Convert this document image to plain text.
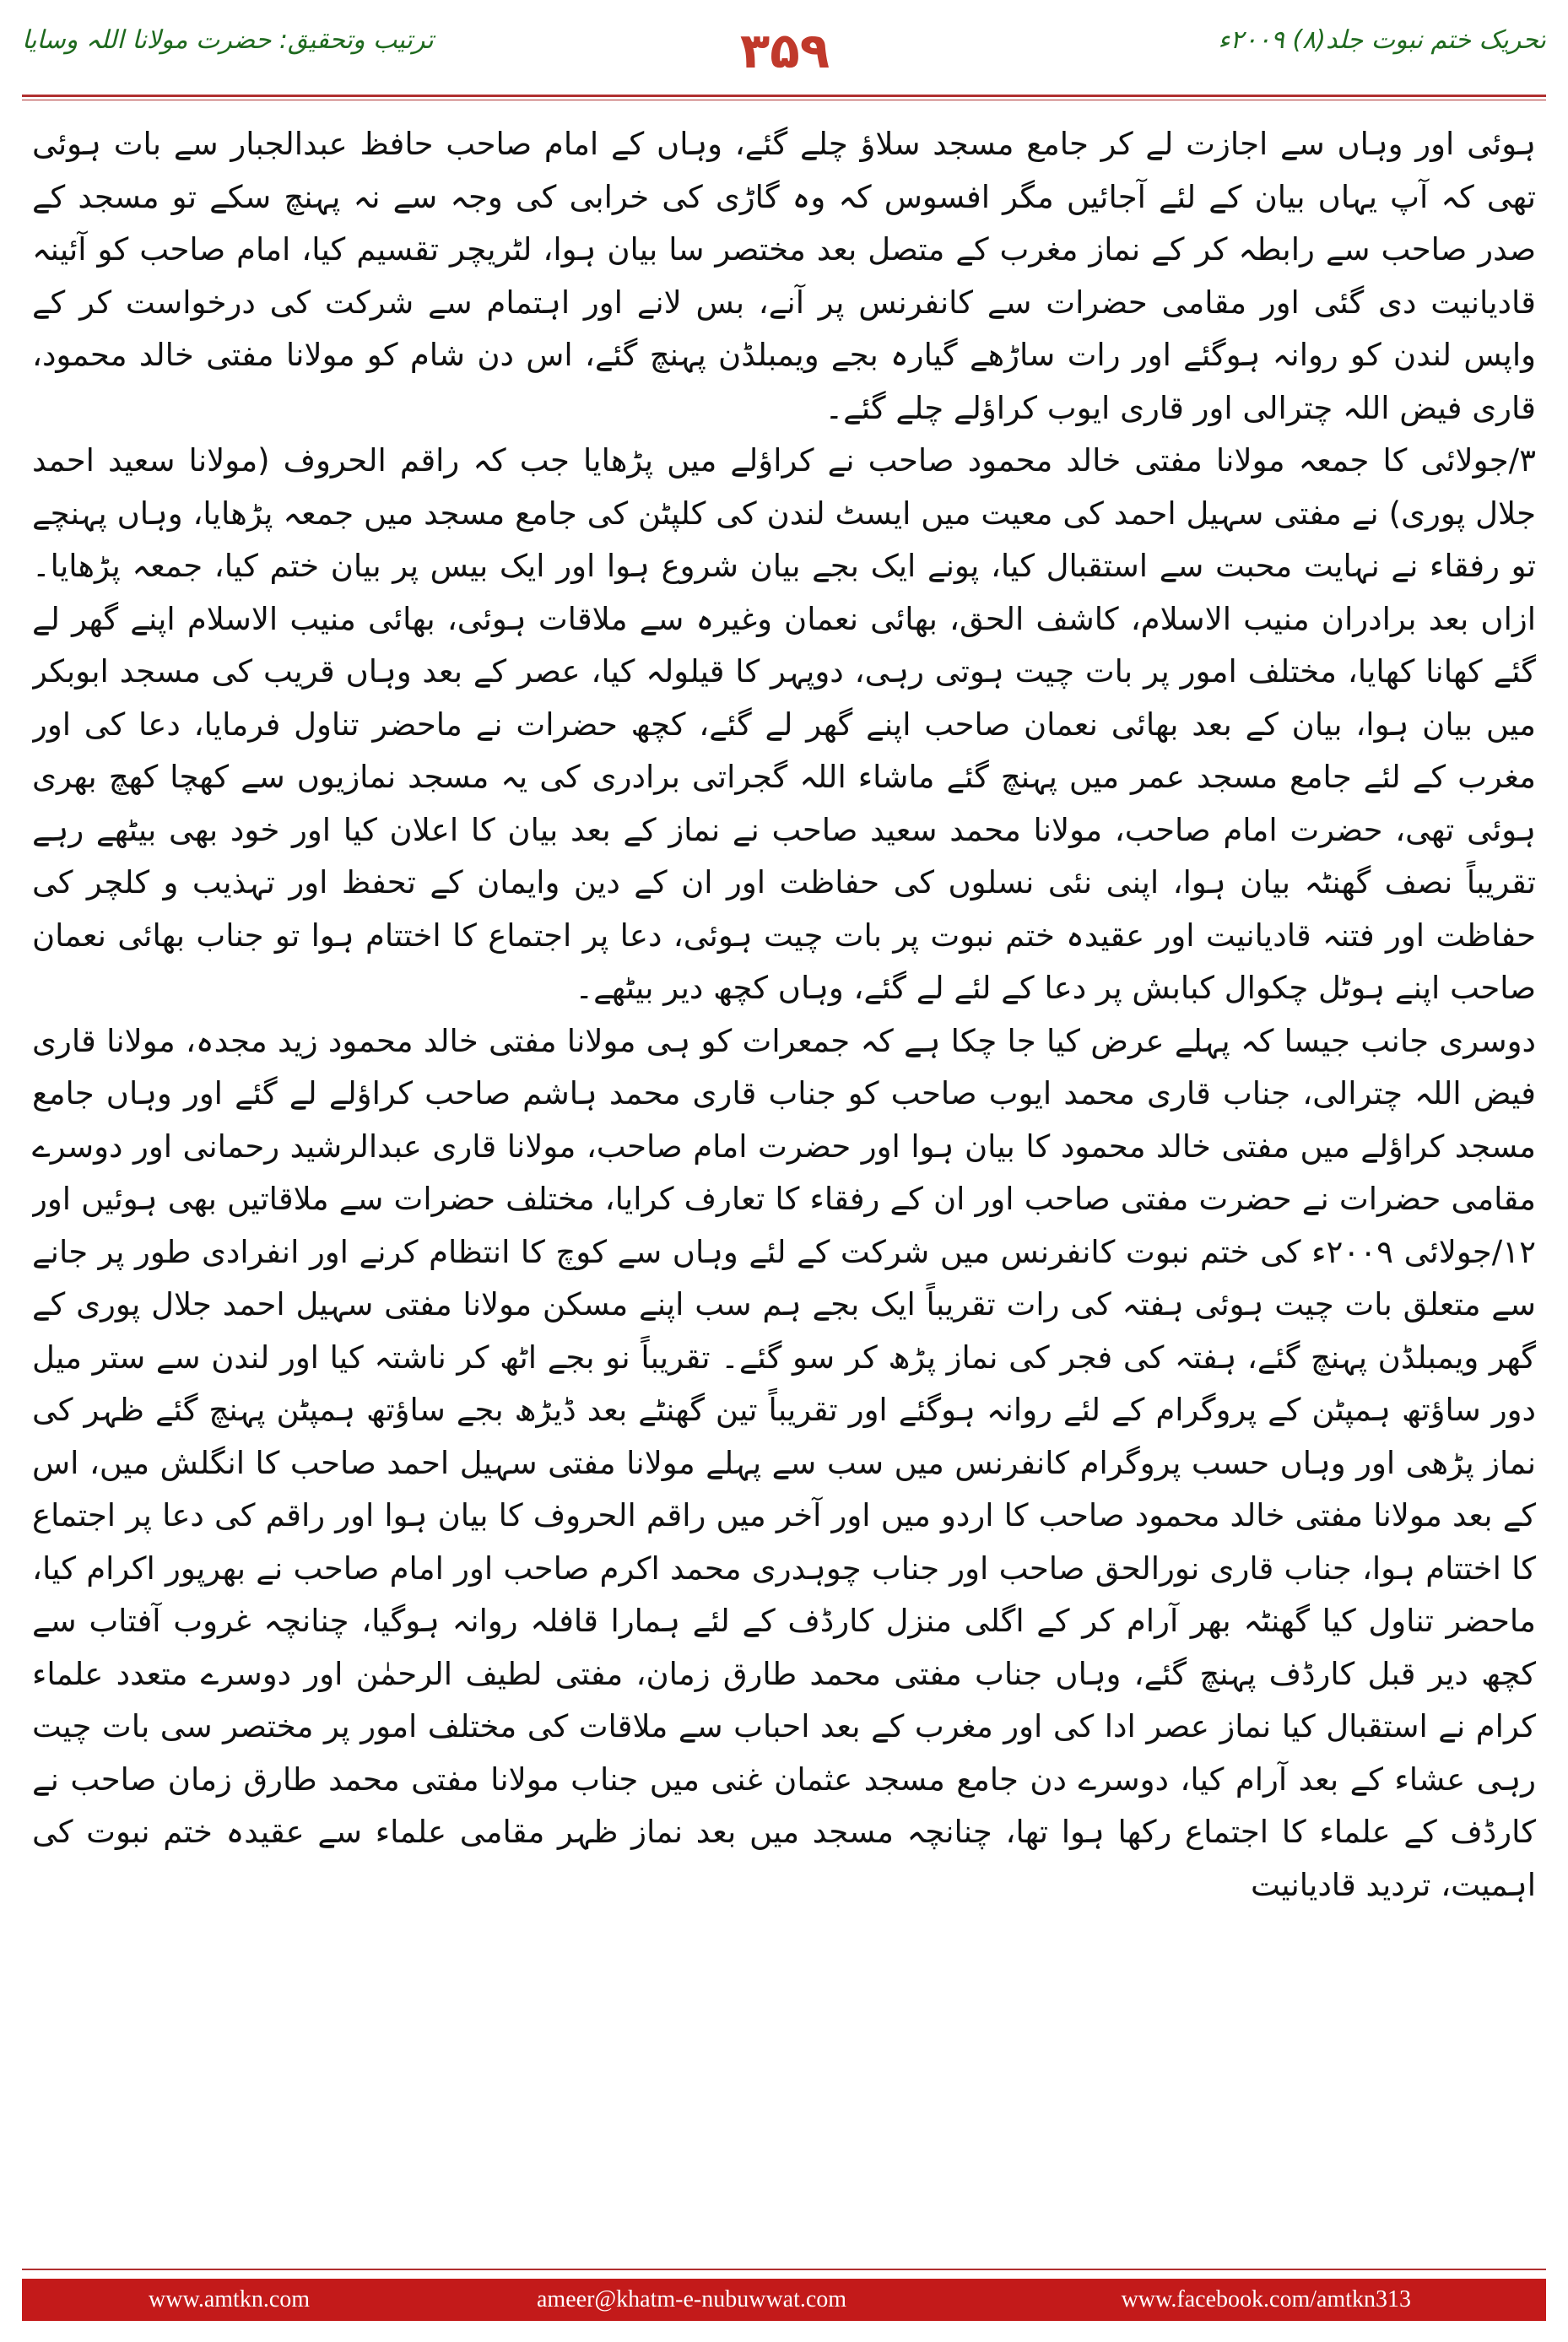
ترتیب وتحقیق: حضرت مولانا اللہ وسایا	۳۵۹	تحریک ختم نبوت جلد(۸) ۲۰۰۹ء

ہوئی اور وہاں سے اجازت لے کر جامع مسجد سلاؤ چلے گئے، وہاں کے امام صاحب حافظ عبدالجبار سے بات ہوئی تھی کہ آپ یہاں بیان کے لئے آجائیں مگر افسوس کہ وہ گاڑی کی خرابی کی وجہ سے نہ پہنچ سکے تو مسجد کے صدر صاحب سے رابطہ کر کے نماز مغرب کے متصل بعد مختصر سا بیان ہوا، لٹریچر تقسیم کیا، امام صاحب کو آئینہ قادیانیت دی گئی اور مقامی حضرات سے کانفرنس پر آنے، بس لانے اور اہتمام سے شرکت کی درخواست کر کے واپس لندن کو روانہ ہوگئے اور رات ساڑھے گیارہ بجے ویمبلڈن پہنچ گئے، اس دن شام کو مولانا مفتی خالد محمود، قاری فیض اللہ چترالی اور قاری ایوب کراؤلے چلے گئے۔

۳/جولائی کا جمعہ مولانا مفتی خالد محمود صاحب نے کراؤلے میں پڑھایا جب کہ راقم الحروف (مولانا سعید احمد جلال پوری) نے مفتی سہیل احمد کی معیت میں ایسٹ لندن کی کلپٹن کی جامع مسجد میں جمعہ پڑھایا، وہاں پہنچے تو رفقاء نے نہایت محبت سے استقبال کیا، پونے ایک بجے بیان شروع ہوا اور ایک بیس پر بیان ختم کیا، جمعہ پڑھایا۔ ازاں بعد برادران منیب الاسلام، کاشف الحق، بھائی نعمان وغیرہ سے ملاقات ہوئی، بھائی منیب الاسلام اپنے گھر لے گئے کھانا کھایا، مختلف امور پر بات چیت ہوتی رہی، دوپہر کا قیلولہ کیا، عصر کے بعد وہاں قریب کی مسجد ابوبکر میں بیان ہوا، بیان کے بعد بھائی نعمان صاحب اپنے گھر لے گئے، کچھ حضرات نے ماحضر تناول فرمایا، دعا کی اور مغرب کے لئے جامع مسجد عمر میں پہنچ گئے ماشاء اللہ گجراتی برادری کی یہ مسجد نمازیوں سے کھچا کھچ بھری ہوئی تھی، حضرت امام صاحب، مولانا محمد سعید صاحب نے نماز کے بعد بیان کا اعلان کیا اور خود بھی بیٹھے رہے تقریباً نصف گھنٹہ بیان ہوا، اپنی نئی نسلوں کی حفاظت اور ان کے دین وایمان کے تحفظ اور تہذیب و کلچر کی حفاظت اور فتنہ قادیانیت اور عقیدہ ختم نبوت پر بات چیت ہوئی، دعا پر اجتماع کا اختتام ہوا تو جناب بھائی نعمان صاحب اپنے ہوٹل چکوال کبابش پر دعا کے لئے لے گئے، وہاں کچھ دیر بیٹھے۔

دوسری جانب جیسا کہ پہلے عرض کیا جا چکا ہے کہ جمعرات کو ہی مولانا مفتی خالد محمود زید مجدہ، مولانا قاری فیض اللہ چترالی، جناب قاری محمد ایوب صاحب کو جناب قاری محمد ہاشم صاحب کراؤلے لے گئے اور وہاں جامع مسجد کراؤلے میں مفتی خالد محمود کا بیان ہوا اور حضرت امام صاحب، مولانا قاری عبدالرشید رحمانی اور دوسرے مقامی حضرات نے حضرت مفتی صاحب اور ان کے رفقاء کا تعارف کرایا، مختلف حضرات سے ملاقاتیں بھی ہوئیں اور ۱۲/جولائی ۲۰۰۹ء کی ختم نبوت کانفرنس میں شرکت کے لئے وہاں سے کوچ کا انتظام کرنے اور انفرادی طور پر جانے سے متعلق بات چیت ہوئی ہفتہ کی رات تقریباً ایک بجے ہم سب اپنے مسکن مولانا مفتی سہیل احمد جلال پوری کے گھر ویمبلڈن پہنچ گئے، ہفتہ کی فجر کی نماز پڑھ کر سو گئے۔ تقریباً نو بجے اٹھ کر ناشتہ کیا اور لندن سے ستر میل دور ساؤتھ ہمپٹن کے پروگرام کے لئے روانہ ہوگئے اور تقریباً تین گھنٹے بعد ڈیڑھ بجے ساؤتھ ہمپٹن پہنچ گئے ظہر کی نماز پڑھی اور وہاں حسب پروگرام کانفرنس میں سب سے پہلے مولانا مفتی سہیل احمد صاحب کا انگلش میں، اس کے بعد مولانا مفتی خالد محمود صاحب کا اردو میں اور آخر میں راقم الحروف کا بیان ہوا اور راقم کی دعا پر اجتماع کا اختتام ہوا، جناب قاری نورالحق صاحب اور جناب چوہدری محمد اکرم صاحب اور امام صاحب نے بھرپور اکرام کیا، ماحضر تناول کیا گھنٹہ بھر آرام کر کے اگلی منزل کارڈف کے لئے ہمارا قافلہ روانہ ہوگیا، چنانچہ غروب آفتاب سے کچھ دیر قبل کارڈف پہنچ گئے، وہاں جناب مفتی محمد طارق زمان، مفتی لطیف الرحمٰن اور دوسرے متعدد علماء کرام نے استقبال کیا نماز عصر ادا کی اور مغرب کے بعد احباب سے ملاقات کی مختلف امور پر مختصر سی بات چیت رہی عشاء کے بعد آرام کیا، دوسرے دن جامع مسجد عثمان غنی میں جناب مولانا مفتی محمد طارق زمان صاحب نے کارڈف کے علماء کا اجتماع رکھا ہوا تھا، چنانچہ مسجد میں بعد نماز ظہر مقامی علماء سے عقیدہ ختم نبوت کی اہمیت، تردید قادیانیت

www.amtkn.com	ameer@khatm-e-nubuwwat.com	www.facebook.com/amtkn313
